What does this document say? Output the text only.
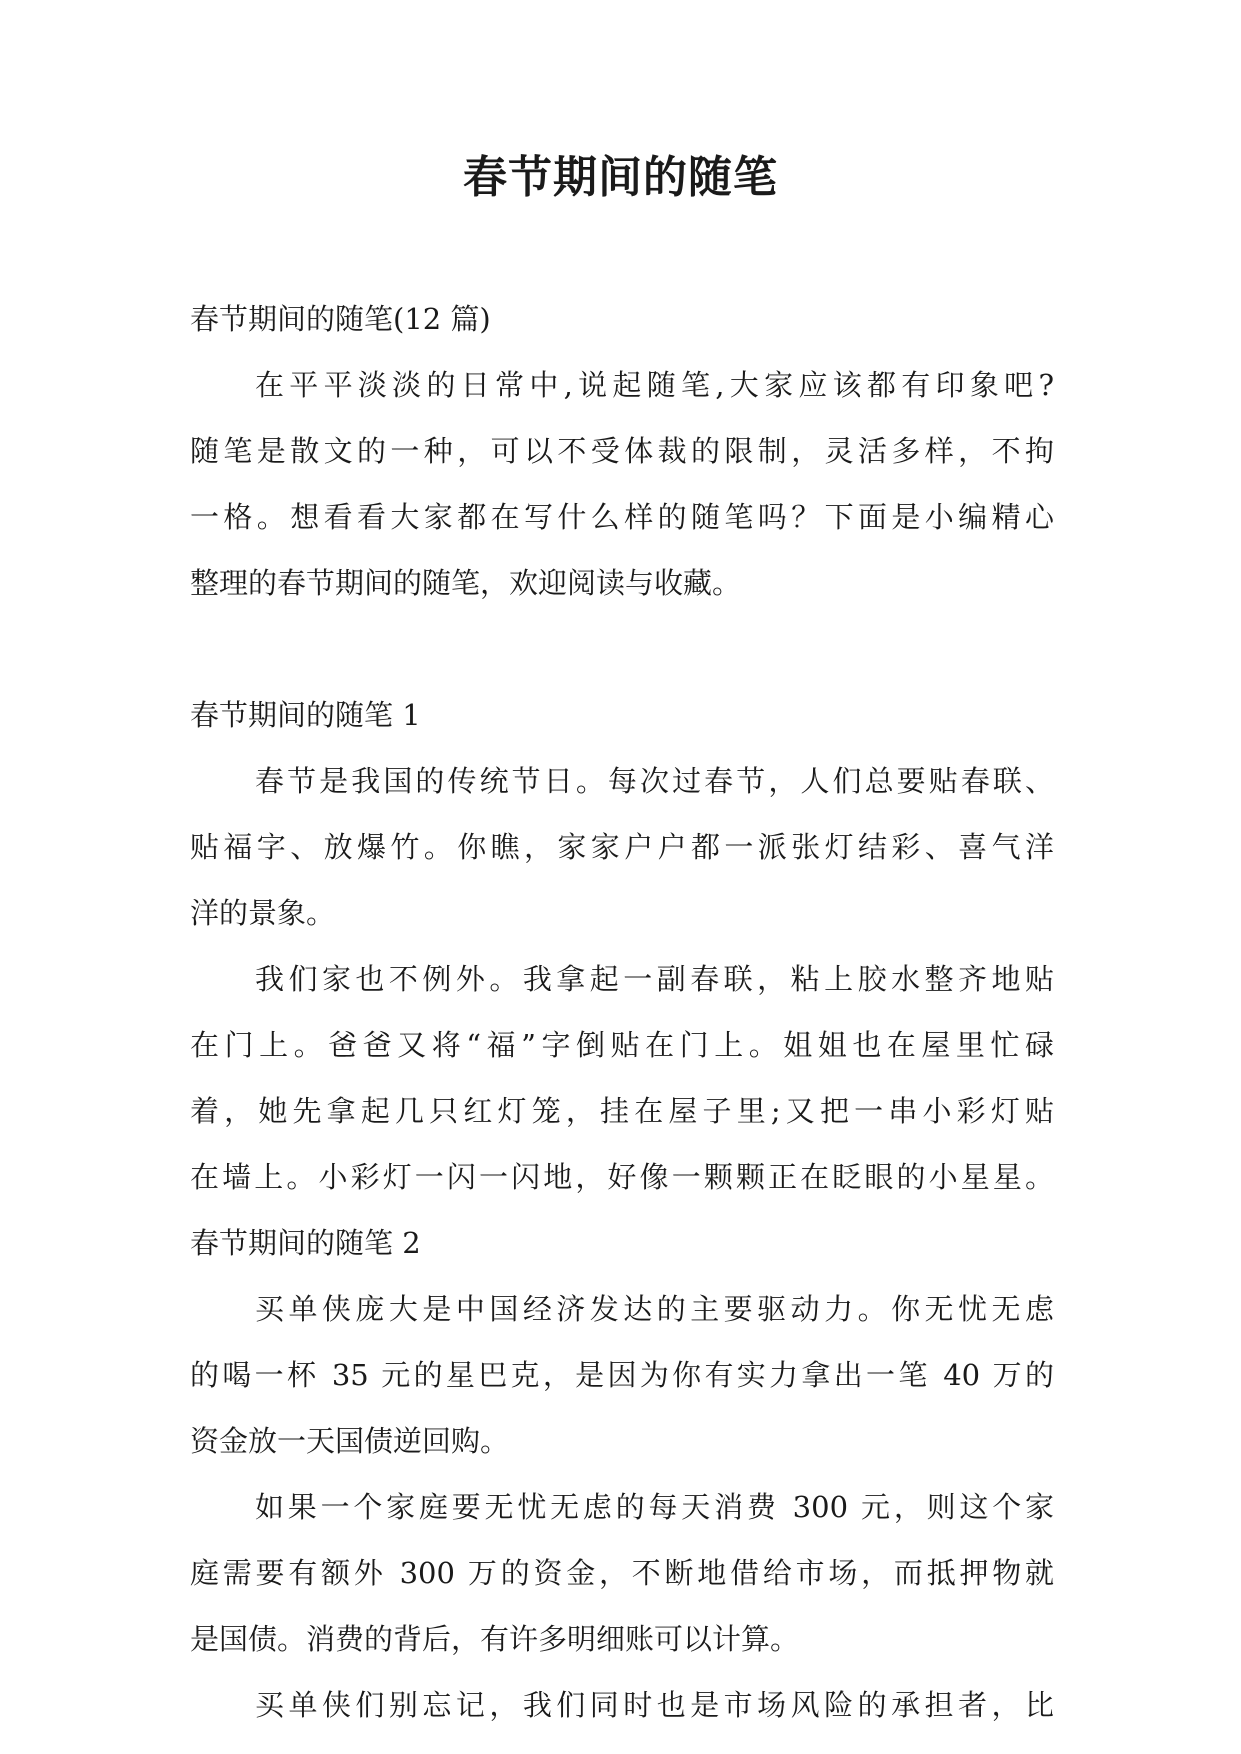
春节期间的随笔
春节期间的随笔(12 篇)
在平平淡淡的日常中,说起随笔,大家应该都有印象吧?
随笔是散文的一种，可以不受体裁的限制，灵活多样，不拘
一格。想看看大家都在写什么样的随笔吗？下面是小编精心
整理的春节期间的随笔，欢迎阅读与收藏。
春节期间的随笔 1
春节是我国的传统节日。每次过春节，人们总要贴春联、
贴福字、放爆竹。你瞧，家家户户都一派张灯结彩、喜气洋
洋的景象。
我们家也不例外。我拿起一副春联，粘上胶水整齐地贴
在门上。爸爸又将“福”字倒贴在门上。姐姐也在屋里忙碌
着，她先拿起几只红灯笼，挂在屋子里;又把一串小彩灯贴
在墙上。小彩灯一闪一闪地，好像一颗颗正在眨眼的小星星。
春节期间的随笔 2
买单侠庞大是中国经济发达的主要驱动力。你无忧无虑
的喝一杯 35 元的星巴克，是因为你有实力拿出一笔 40 万的
资金放一天国债逆回购。
如果一个家庭要无忧无虑的每天消费 300 元，则这个家
庭需要有额外 300 万的资金，不断地借给市场，而抵押物就
是国债。消费的背后，有许多明细账可以计算。
买单侠们别忘记，我们同时也是市场风险的承担者，比
